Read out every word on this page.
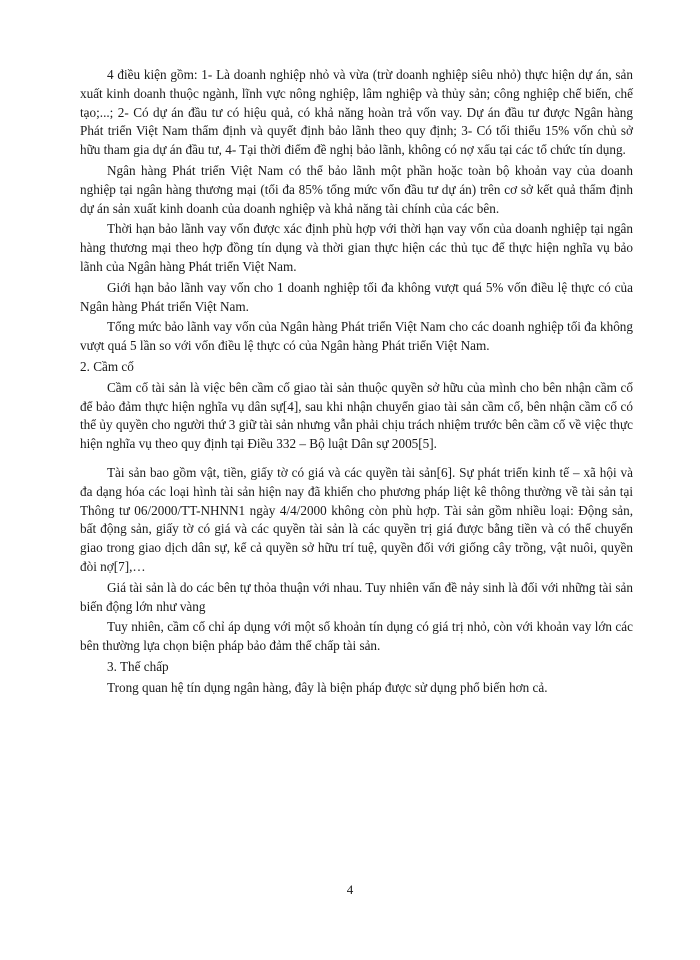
4 điều kiện gồm: 1- Là doanh nghiệp nhỏ và vừa (trừ doanh nghiệp siêu nhỏ) thực hiện dự án, sản xuất kinh doanh thuộc ngành, lĩnh vực nông nghiệp, lâm nghiệp và thủy sản; công nghiệp chế biến, chế tạo;...; 2- Có dự án đầu tư có hiệu quả, có khả năng hoàn trả vốn vay. Dự án đầu tư được Ngân hàng Phát triển Việt Nam thẩm định và quyết định bảo lãnh theo quy định; 3- Có tối thiểu 15% vốn chủ sở hữu tham gia dự án đầu tư, 4- Tại thời điểm đề nghị bảo lãnh, không có nợ xấu tại các tổ chức tín dụng.

Ngân hàng Phát triển Việt Nam có thể bảo lãnh một phần hoặc toàn bộ khoản vay của doanh nghiệp tại ngân hàng thương mại (tối đa 85% tổng mức vốn đầu tư dự án) trên cơ sở kết quả thẩm định dự án sản xuất kinh doanh của doanh nghiệp và khả năng tài chính của các bên.

Thời hạn bảo lãnh vay vốn được xác định phù hợp với thời hạn vay vốn của doanh nghiệp tại ngân hàng thương mại theo hợp đồng tín dụng và thời gian thực hiện các thủ tục để thực hiện nghĩa vụ bảo lãnh của Ngân hàng Phát triển Việt Nam.

Giới hạn bảo lãnh vay vốn cho 1 doanh nghiệp tối đa không vượt quá 5% vốn điều lệ thực có của Ngân hàng Phát triển Việt Nam.

Tổng mức bảo lãnh vay vốn của Ngân hàng Phát triển Việt Nam cho các doanh nghiệp tối đa không vượt quá 5 lần so với vốn điều lệ thực có của Ngân hàng Phát triển Việt Nam.

2. Cầm cố

Cầm cố tài sản là việc bên cầm cố giao tài sản thuộc quyền sở hữu của mình cho bên nhận cầm cố để bảo đảm thực hiện nghĩa vụ dân sự[4], sau khi nhận chuyển giao tài sản cầm cố, bên nhận cầm cố có thể ủy quyền cho người thứ 3 giữ tài sản nhưng vẫn phải chịu trách nhiệm trước bên cầm cố về việc thực hiện nghĩa vụ theo quy định tại Điều 332 – Bộ luật Dân sự 2005[5].

Tài sản bao gồm vật, tiền, giấy tờ có giá và các quyền tài sản[6]. Sự phát triển kinh tế – xã hội và đa dạng hóa các loại hình tài sản hiện nay đã khiến cho phương pháp liệt kê thông thường về tài sản tại Thông tư 06/2000/TT-NHNN1 ngày 4/4/2000 không còn phù hợp. Tài sản gồm nhiều loại: Động sản, bất động sản, giấy tờ có giá và các quyền tài sản là các quyền trị giá được bằng tiền và có thể chuyển giao trong giao dịch dân sự, kể cả quyền sở hữu trí tuệ, quyền đối với giống cây trồng, vật nuôi, quyền đòi nợ[7],…

Giá tài sản là do các bên tự thỏa thuận với nhau. Tuy nhiên vấn đề nảy sinh là đối với những tài sản biến động lớn như vàng

Tuy nhiên, cầm cố chỉ áp dụng với một số khoản tín dụng có giá trị nhỏ, còn với khoản vay lớn các bên thường lựa chọn biện pháp bảo đảm thế chấp tài sản.

3. Thế chấp

Trong quan hệ tín dụng ngân hàng, đây là biện pháp được sử dụng phổ biến hơn cả.

4
